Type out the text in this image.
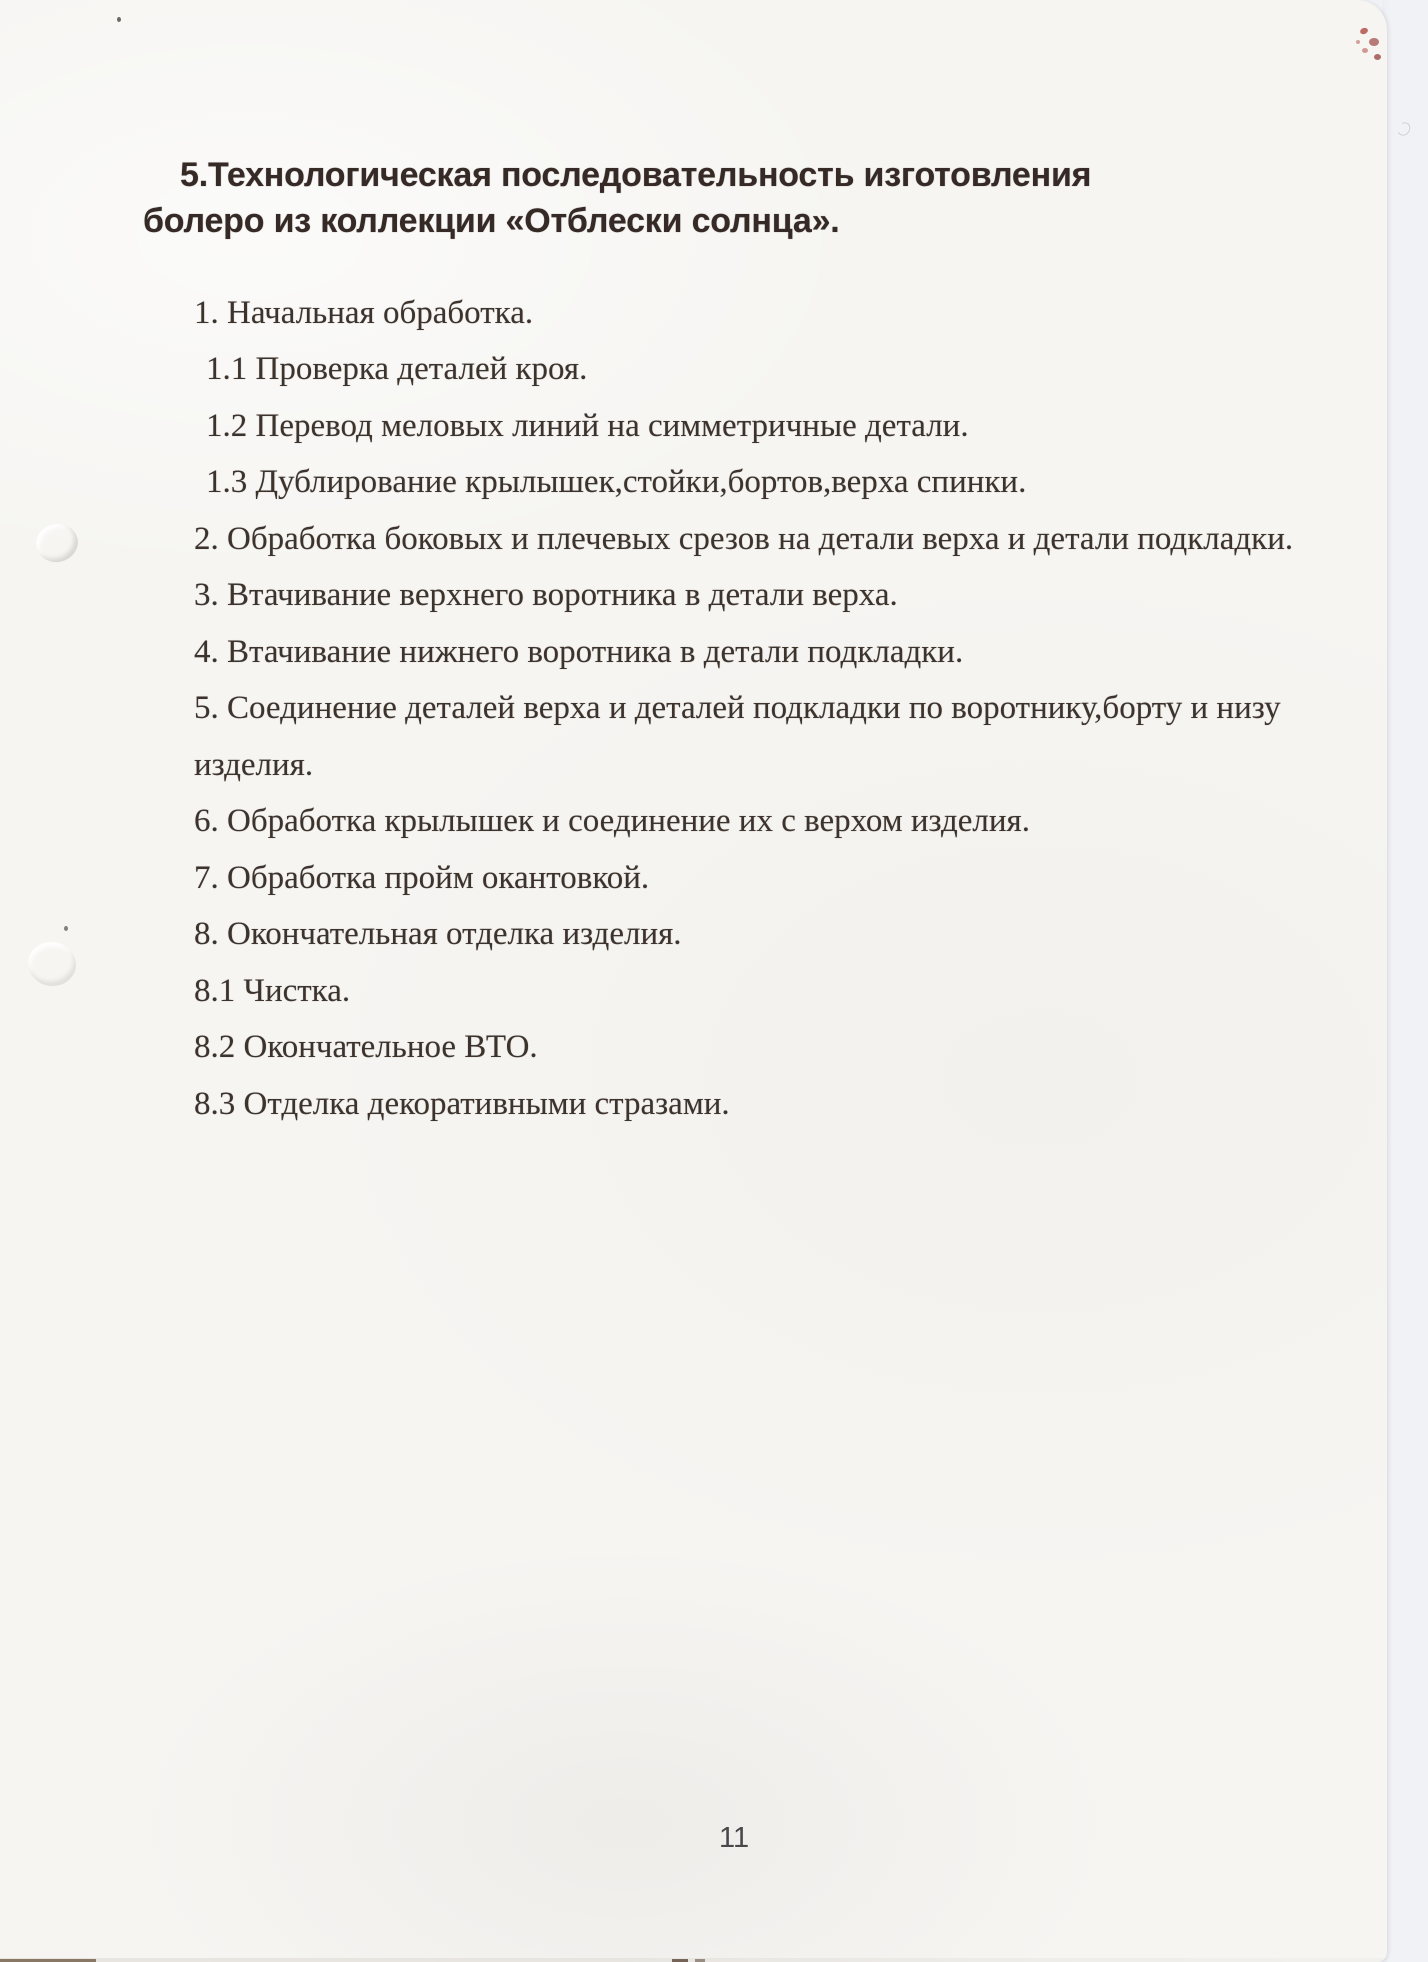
5.Технологическая последовательность изготовления
болеро из коллекции «Отблески солнца».
1. Начальная обработка.
1.1 Проверка деталей кроя.
1.2 Перевод меловых линий на симметричные детали.
1.3 Дублирование крылышек,стойки,бортов,верха спинки.
2. Обработка боковых и плечевых срезов на детали верха и детали подкладки.
3. Втачивание верхнего воротника в детали верха.
4. Втачивание нижнего воротника в детали подкладки.
5. Соединение деталей верха и деталей подкладки по воротнику,борту и низу
изделия.
6. Обработка крылышек и соединение их с верхом изделия.
7. Обработка пройм окантовкой.
8. Окончательная отделка изделия.
8.1 Чистка.
8.2 Окончательное ВТО.
8.3 Отделка декоративными стразами.
11
